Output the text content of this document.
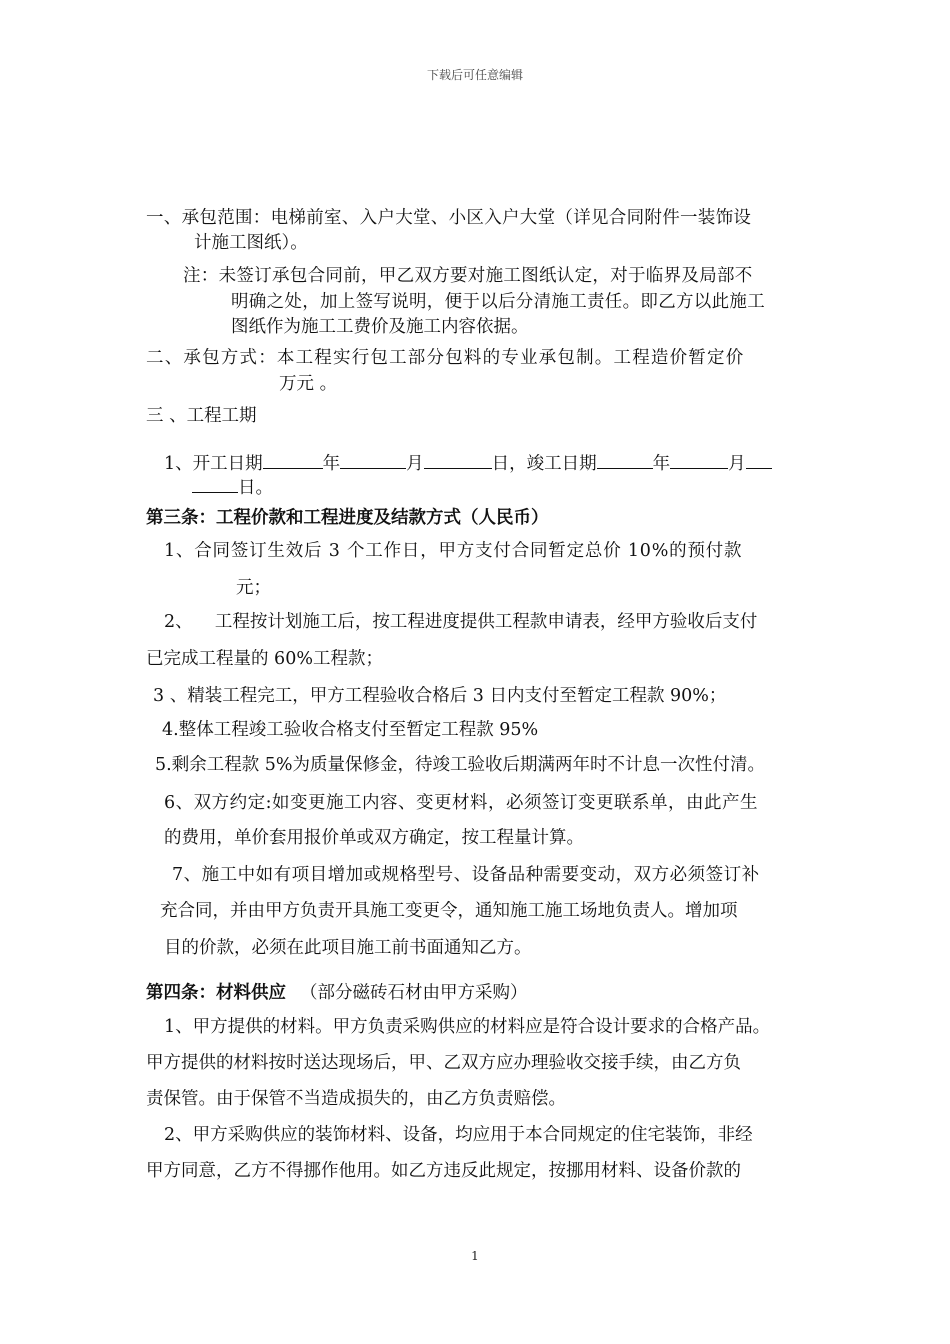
下载后可任意编辑
一、承包范围：电梯前室、入户大堂、小区入户大堂（详见合同附件一装饰设
计施工图纸）。
注：未签订承包合同前，甲乙双方要对施工图纸认定，对于临界及局部不
明确之处，加上签写说明，便于以后分清施工责任。即乙方以此施工
图纸作为施工工费价及施工内容依据。
二、承包方式：本工程实行包工部分包料的专业承包制。工程造价暂定价
万元 。
三 、工程工期
1、开工日期	年	月	日，竣工日期	年	月
日。
第三条：工程价款和工程进度及结款方式（人民币）
1、合同签订生效后 3 个工作日，甲方支付合同暂定总价 10%的预付款
元；
2、    工程按计划施工后，按工程进度提供工程款申请表，经甲方验收后支付
已完成工程量的 60%工程款；
3 、精装工程完工，甲方工程验收合格后 3 日内支付至暂定工程款 90%；
4.整体工程竣工验收合格支付至暂定工程款 95%
5.剩余工程款 5%为质量保修金，待竣工验收后期满两年时不计息一次性付清。
6、双方约定:如变更施工内容、变更材料，必须签订变更联系单，由此产生
的费用，单价套用报价单或双方确定，按工程量计算。
7、施工中如有项目增加或规格型号、设备品种需要变动，双方必须签订补
充合同，并由甲方负责开具施工变更令，通知施工施工场地负责人。增加项
目的价款，必须在此项目施工前书面通知乙方。
第四条：材料供应 （部分磁砖石材由甲方采购）
1、甲方提供的材料。甲方负责采购供应的材料应是符合设计要求的合格产品。
甲方提供的材料按时送达现场后，甲、乙双方应办理验收交接手续，由乙方负
责保管。由于保管不当造成损失的，由乙方负责赔偿。
2、甲方采购供应的装饰材料、设备，均应用于本合同规定的住宅装饰，非经
甲方同意，乙方不得挪作他用。如乙方违反此规定，按挪用材料、设备价款的
1
